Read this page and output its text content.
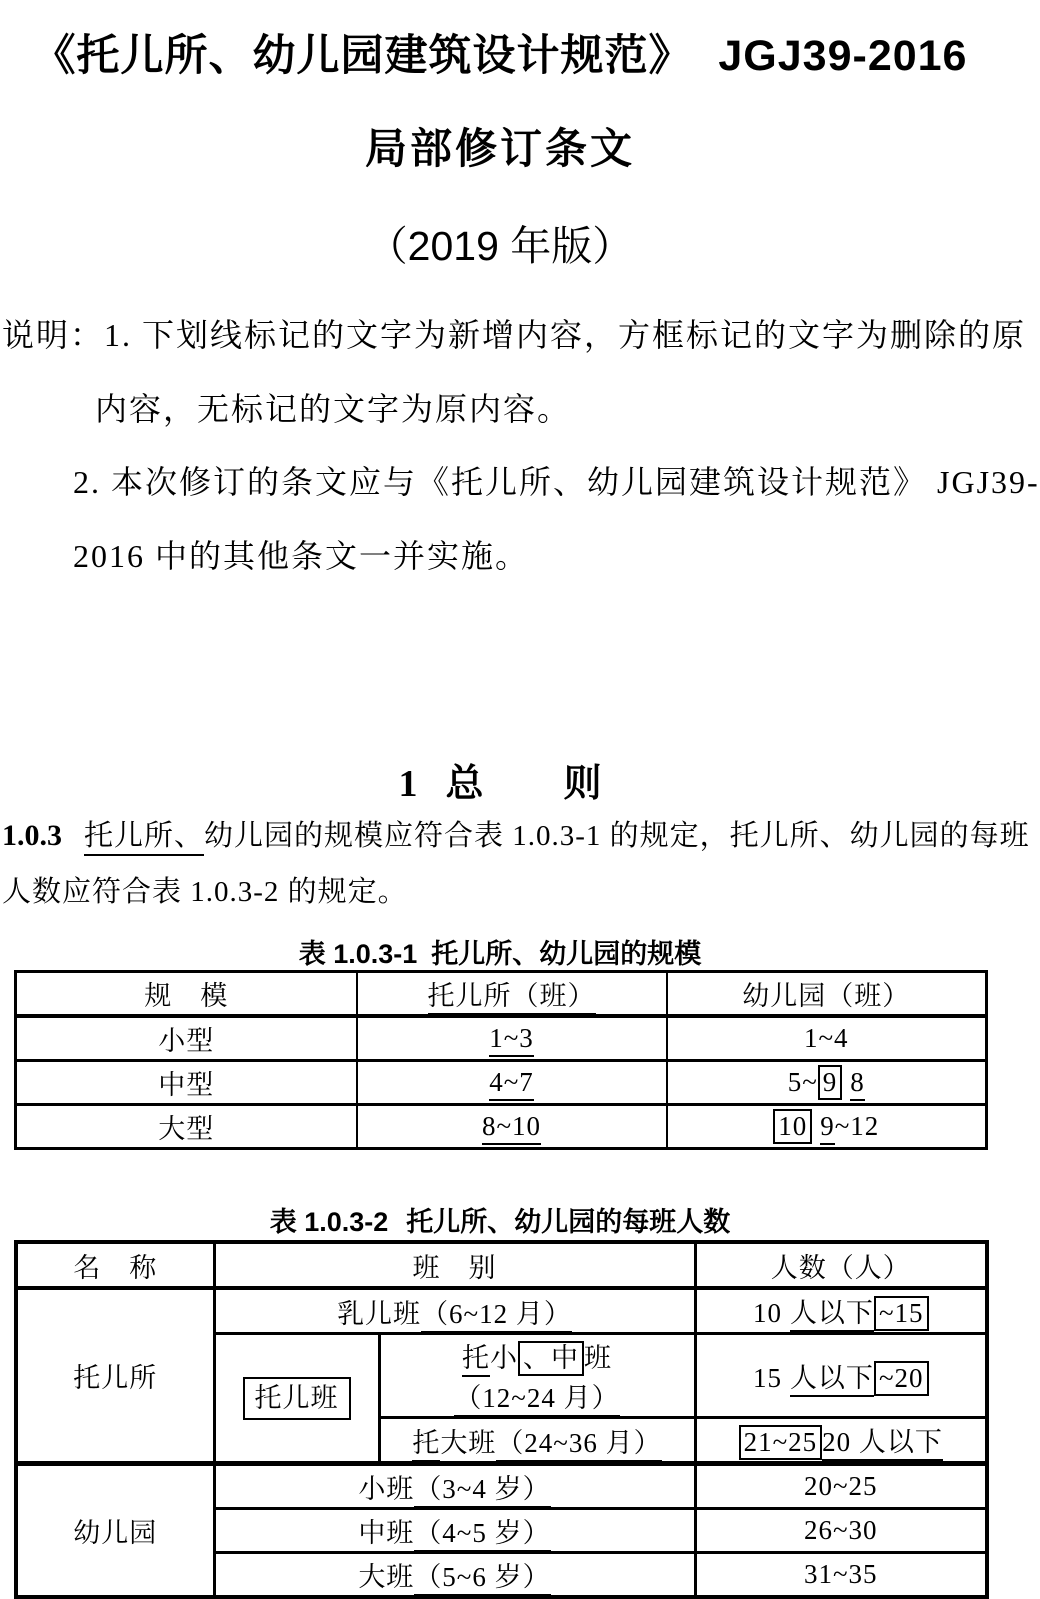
《托儿所、幼儿园建筑设计规范》  JGJ39-2016
局部修订条文
（2019 年版）
说明：1. 下划线标记的文字为新增内容，方框标记的文字为删除的原
内容，无标记的文字为原内容。
2. 本次修订的条文应与《托儿所、幼儿园建筑设计规范》 JGJ39-
2016 中的其他条文一并实施。
1 总 则
1.0.3 托儿所、幼儿园的规模应符合表 1.0.3-1 的规定，托儿所、幼儿园的每班
人数应符合表 1.0.3-2 的规定。
表 1.0.3-1 托儿所、幼儿园的规模
规　模	托儿所（班）	幼儿园（班）
小型	1~3	1~4
中型	4~7	5~ 9 8
大型	8~10	10 9~12
表 1.0.3-2 托儿所、幼儿园的每班人数
名　称	班　别		人数（人）
托儿所	乳儿班（6~12 月）		10 人以下 ~15
	托儿班	托小 、中 班（12~24 月）	15 人以下 ~20
		托大班（24~36 月）	21~25 20 人以下
幼儿园	小班（3~4 岁）		20~25
	中班（4~5 岁）		26~30
	大班（5~6 岁）		31~35
